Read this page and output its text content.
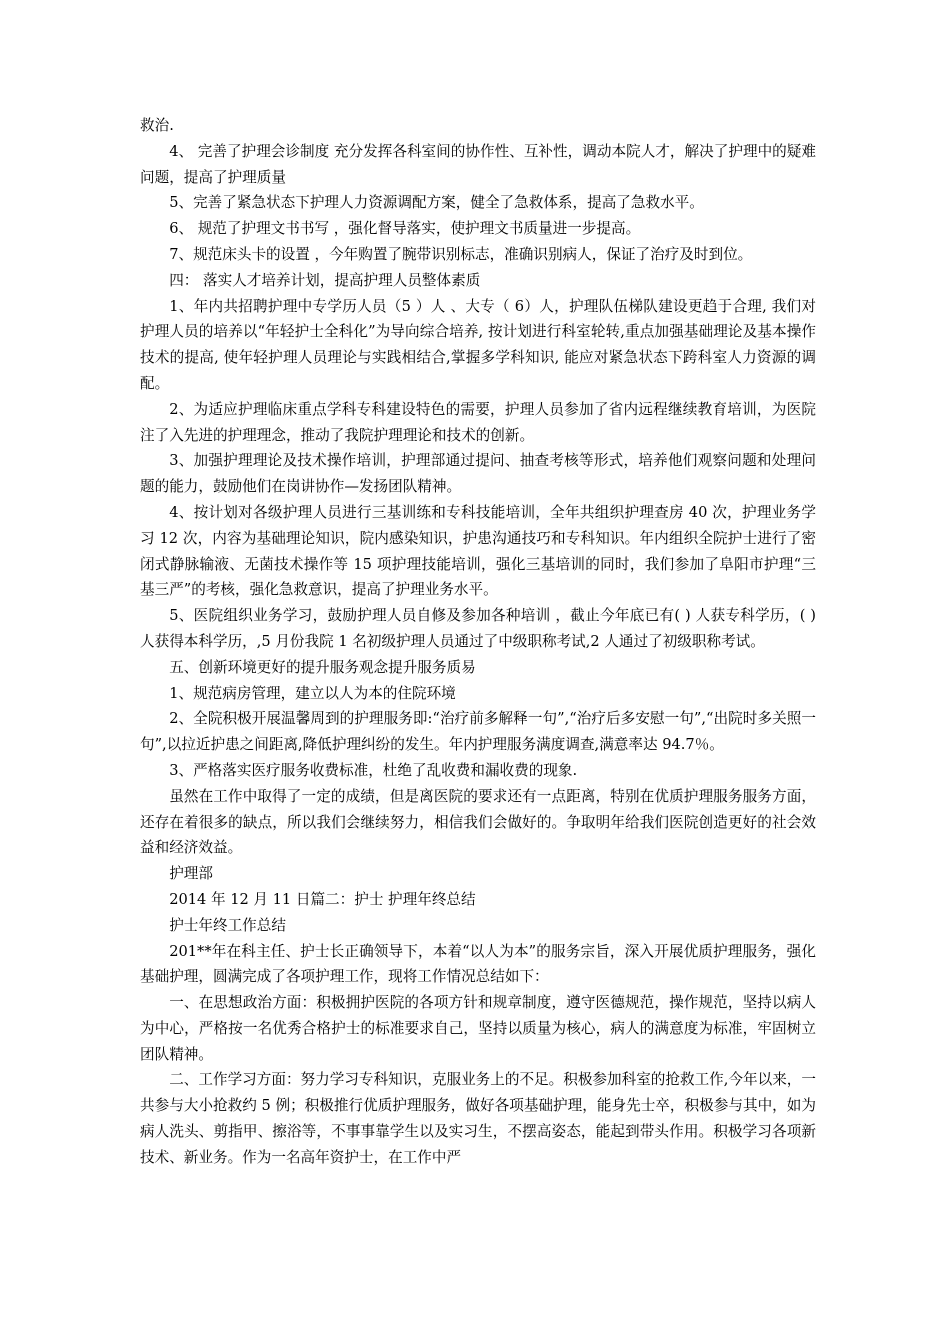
救治.

4、 完善了护理会诊制度 充分发挥各科室间的协作性、互补性，调动本院人才，解决了护理中的疑难问题，提高了护理质量

5、完善了紧急状态下护理人力资源调配方案，健全了急救体系，提高了急救水平。

6、 规范了护理文书书写 ，强化督导落实，使护理文书质量进一步提高。

7、规范床头卡的设置 ，今年购置了腕带识别标志，准确识别病人，保证了治疗及时到位。

四： 落实人才培养计划，提高护理人员整体素质

1、年内共招聘护理中专学历人员（5 ）人 、大专（ 6）人，护理队伍梯队建设更趋于合理, 我们对护理人员的培养以“年轻护士全科化”为导向综合培养, 按计划进行科室轮转,重点加强基础理论及基本操作技术的提高, 使年轻护理人员理论与实践相结合,掌握多学科知识, 能应对紧急状态下跨科室人力资源的调配。

2、为适应护理临床重点学科专科建设特色的需要，护理人员参加了省内远程继续教育培训，为医院注了入先进的护理理念，推动了我院护理理论和技术的创新。

3、加强护理理论及技术操作培训，护理部通过提问、抽查考核等形式，培养他们观察问题和处理问题的能力，鼓励他们在岗讲协作—发扬团队精神。

4、按计划对各级护理人员进行三基训练和专科技能培训，全年共组织护理查房 40 次，护理业务学习 12 次，内容为基础理论知识，院内感染知识，护患沟通技巧和专科知识。年内组织全院护士进行了密闭式静脉输液、无菌技术操作等 15 项护理技能培训，强化三基培训的同时，我们参加了阜阳市护理“三基三严”的考核，强化急救意识，提高了护理业务水平。

5、医院组织业务学习，鼓励护理人员自修及参加各种培训 ，截止今年底已有( ) 人获专科学历，( )人获得本科学历，,5 月份我院 1 名初级护理人员通过了中级职称考试,2 人通过了初级职称考试。

五、创新环境更好的提升服务观念提升服务质易

1、规范病房管理，建立以人为本的住院环境

2、全院积极开展温馨周到的护理服务即:“治疗前多解释一句”,“治疗后多安慰一句”,“出院时多关照一句”,以拉近护患之间距离,降低护理纠纷的发生。年内护理服务满度调查,满意率达 94.7％。

3、严格落实医疗服务收费标准，杜绝了乱收费和漏收费的现象.

虽然在工作中取得了一定的成绩，但是离医院的要求还有一点距离，特别在优质护理服务服务方面，还存在着很多的缺点，所以我们会继续努力，相信我们会做好的。争取明年给我们医院创造更好的社会效益和经济效益。

护理部

2014 年 12 月 11 日篇二：护士 护理年终总结

护士年终工作总结

201**年在科主任、护士长正确领导下，本着“以人为本”的服务宗旨，深入开展优质护理服务，强化基础护理，圆满完成了各项护理工作，现将工作情况总结如下：

一、在思想政治方面：积极拥护医院的各项方针和规章制度，遵守医德规范，操作规范，坚持以病人为中心，严格按一名优秀合格护士的标准要求自己，坚持以质量为核心，病人的满意度为标准，牢固树立团队精神。

二、工作学习方面：努力学习专科知识，克服业务上的不足。积极参加科室的抢救工作,今年以来，一共参与大小抢救约 5 例；积极推行优质护理服务，做好各项基础护理，能身先士卒，积极参与其中，如为病人洗头、剪指甲、擦浴等，不事事靠学生以及实习生，不摆高姿态，能起到带头作用。积极学习各项新技术、新业务。作为一名高年资护士，在工作中严
